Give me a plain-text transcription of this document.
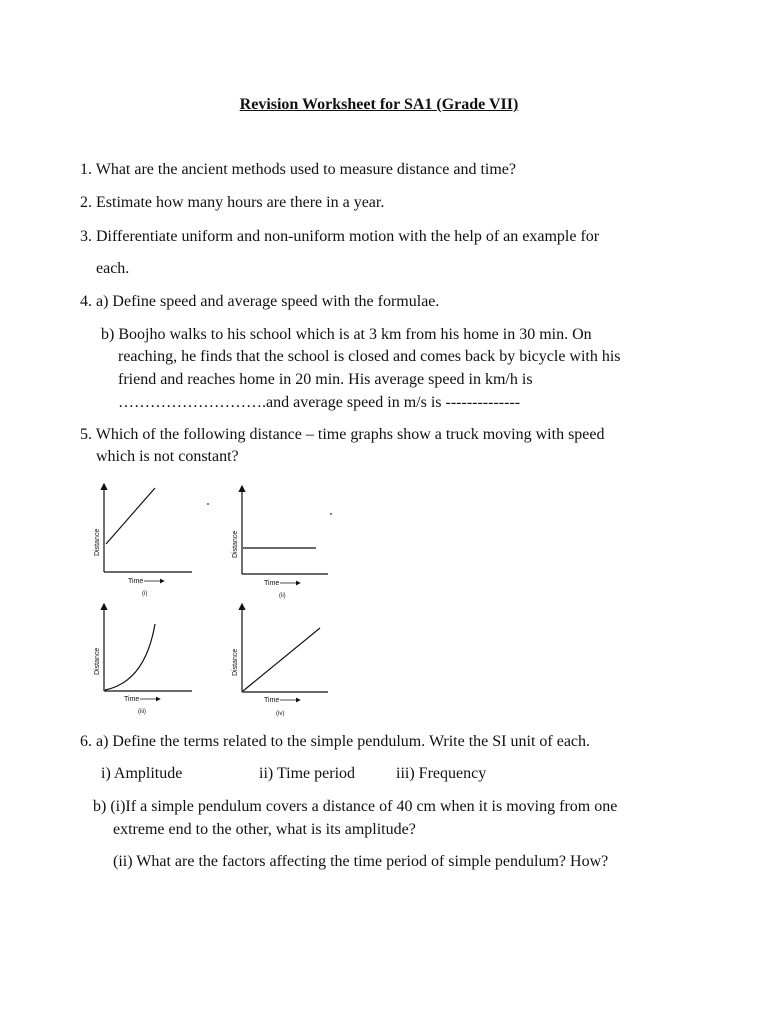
Revision Worksheet for SA1 (Grade VII)
1. What are the ancient methods used to measure distance and time?
2. Estimate how many hours are there in a year.
3. Differentiate uniform and non-uniform motion with the help of an example for
each.
4. a) Define speed and average speed with the formulae.
b) Boojho walks to his school which is at 3 km from his home in 30 min. On
reaching, he finds that the school is closed and comes back by bicycle with his
friend and reaches home in 20 min. His average speed in km/h is
……………………….and average speed in m/s is --------------
5. Which of the following distance – time graphs show a truck moving with speed
which is not constant?
Distance
Time
(i)
Distance
Time
(ii)
Distance
Time
(iii)
Distance
Time
(iv)
6. a) Define the terms related to the simple pendulum. Write the SI unit of each.
i) Amplitude	ii) Time period	iii) Frequency
b) (i)If a simple pendulum covers a distance of 40 cm when it is moving from one
extreme end to the other, what is its amplitude?
(ii) What are the factors affecting the time period of simple pendulum? How?
